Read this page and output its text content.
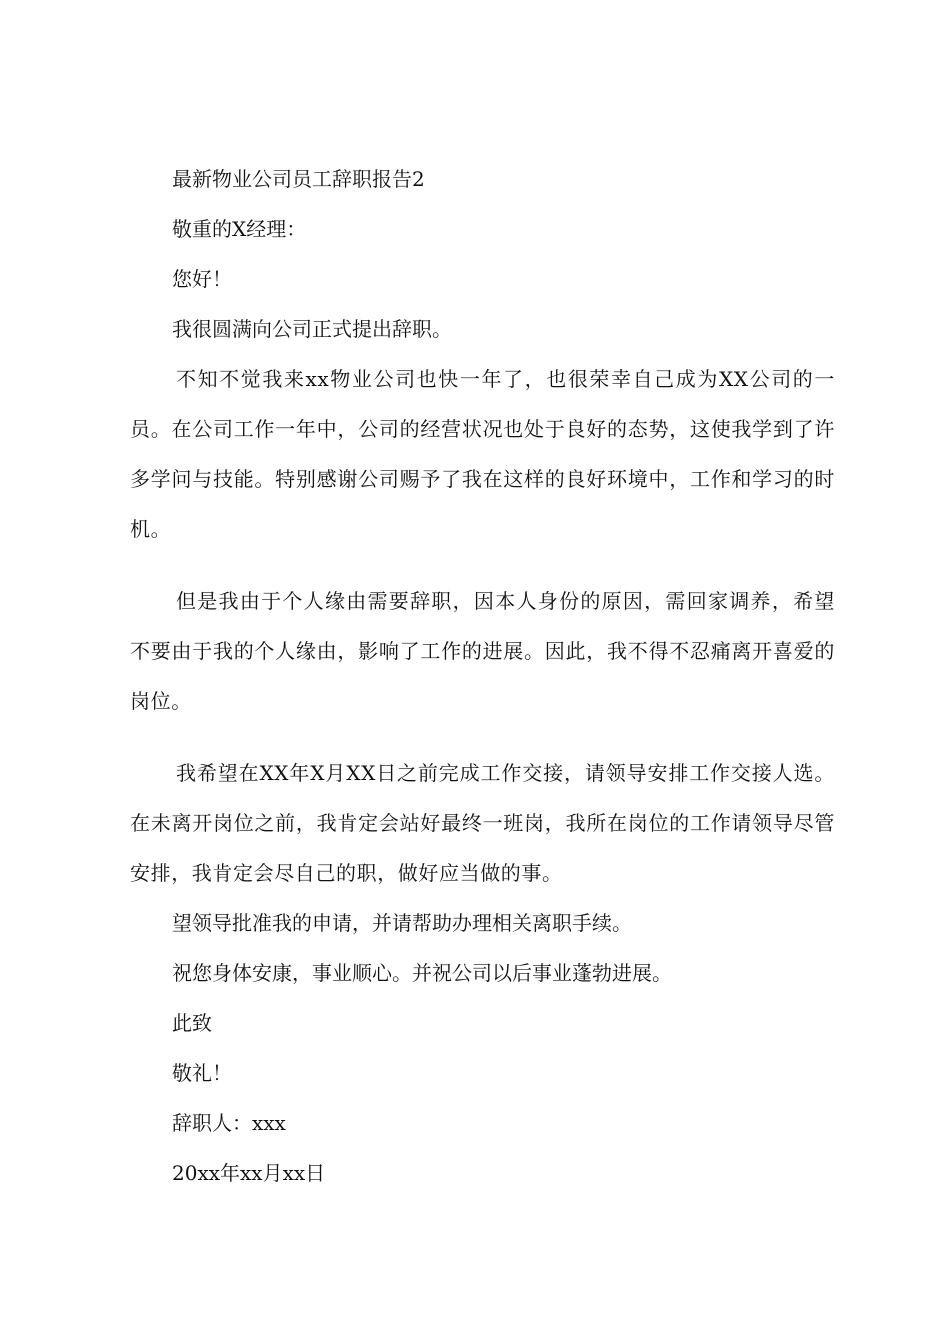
最新物业公司员工辞职报告2

敬重的X经理：

您好！

我很圆满向公司正式提出辞职。

不知不觉我来xx物业公司也快一年了，也很荣幸自己成为XX公司的一员。在公司工作一年中，公司的经营状况也处于良好的态势，这使我学到了许多学问与技能。特别感谢公司赐予了我在这样的良好环境中，工作和学习的时机。

但是我由于个人缘由需要辞职，因本人身份的原因，需回家调养，希望不要由于我的个人缘由，影响了工作的进展。因此，我不得不忍痛离开喜爱的岗位。

我希望在XX年X月XX日之前完成工作交接，请领导安排工作交接人选。在未离开岗位之前，我肯定会站好最终一班岗，我所在岗位的工作请领导尽管安排，我肯定会尽自己的职，做好应当做的事。

望领导批准我的申请，并请帮助办理相关离职手续。

祝您身体安康，事业顺心。并祝公司以后事业蓬勃进展。

此致

敬礼！

辞职人：xxx

20xx年xx月xx日
